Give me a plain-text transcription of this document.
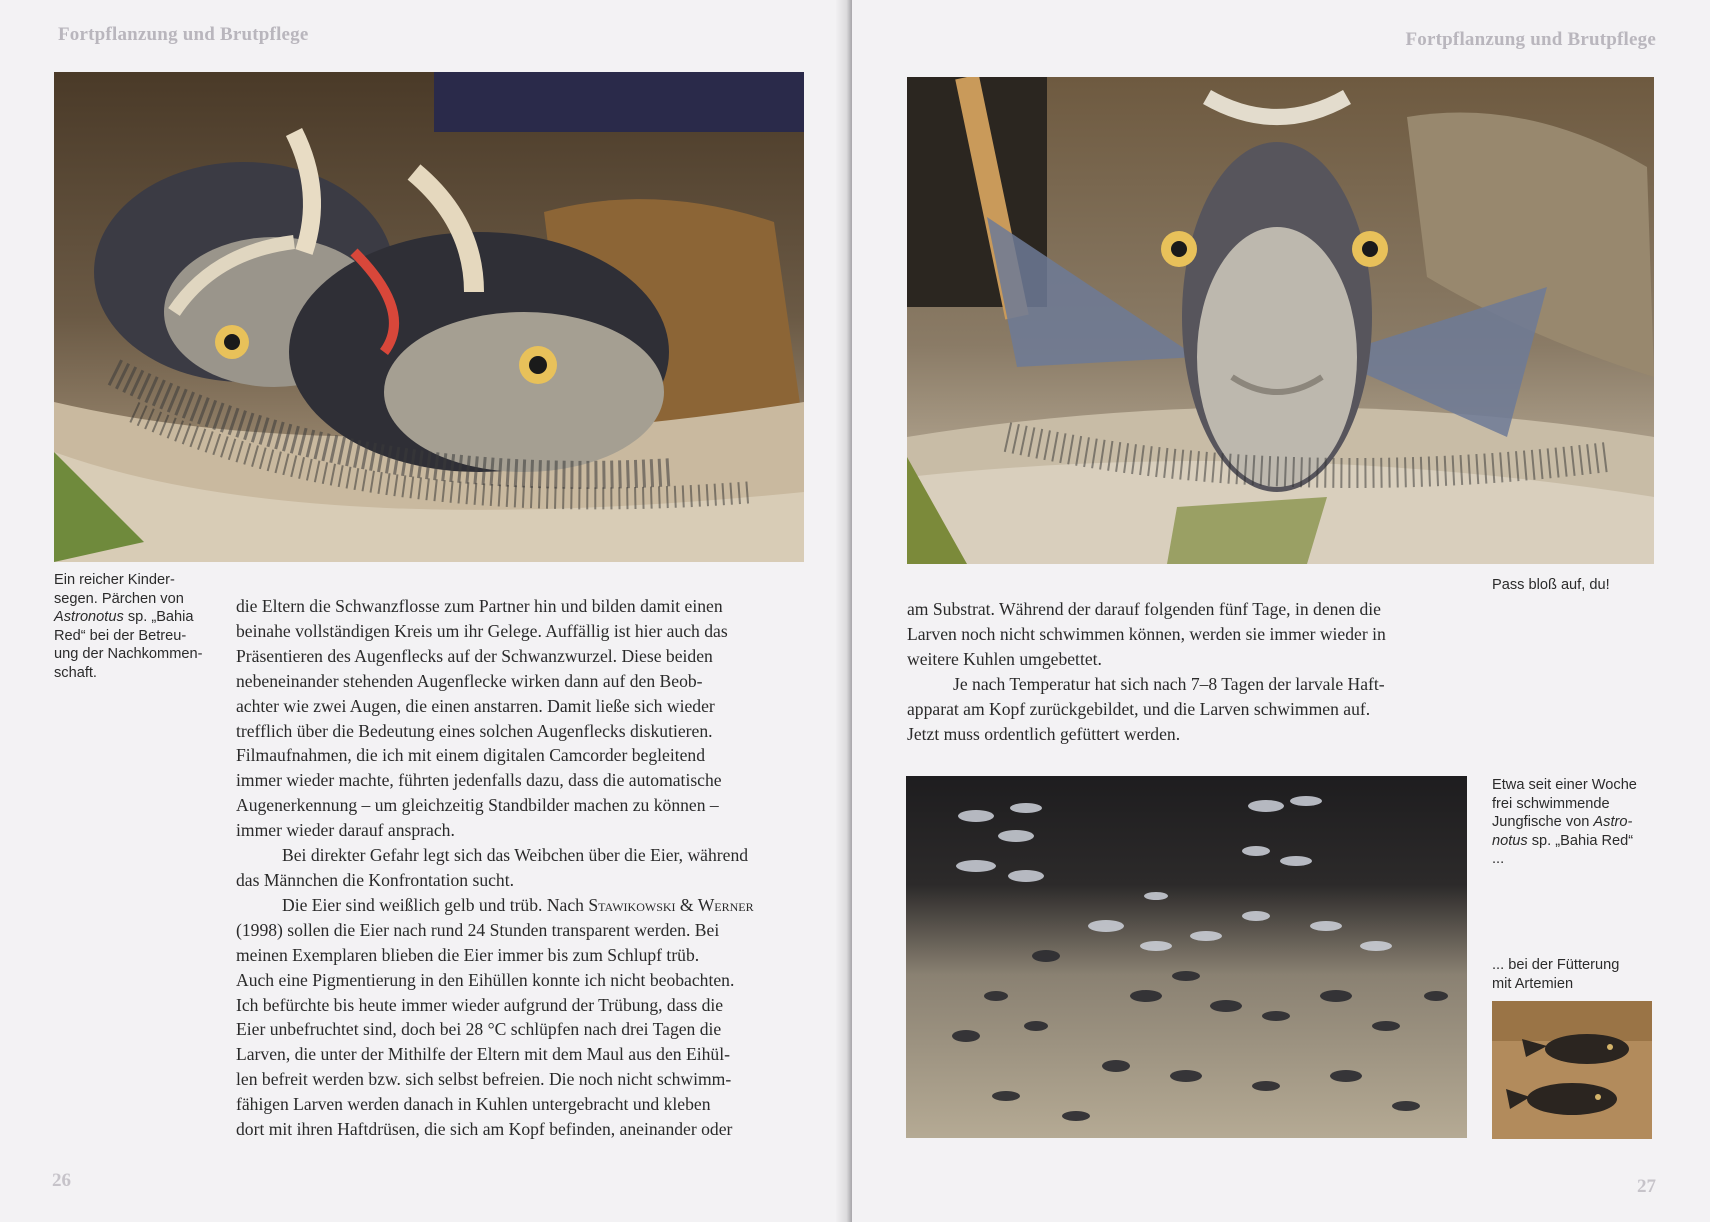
Fortpflanzung und Brutpflege
Ein reicher Kinder-
segen. Pärchen von
Astronotus sp. „Bahia
Red“ bei der Betreu-
ung der Nachkommen-
schaft.
die Eltern die Schwanzflosse zum Partner hin und bilden damit einen
beinahe vollständigen Kreis um ihr Gelege. Auffällig ist hier auch das
Präsentieren des Augenflecks auf der Schwanzwurzel. Diese beiden
nebeneinander stehenden Augenflecke wirken dann auf den Beob-
achter wie zwei Augen, die einen anstarren. Damit ließe sich wieder
trefflich über die Bedeutung eines solchen Augenflecks diskutieren.
Filmaufnahmen, die ich mit einem digitalen Camcorder begleitend
immer wieder machte, führten jedenfalls dazu, dass die automatische
Augenerkennung – um gleichzeitig Standbilder machen zu können –
immer wieder darauf ansprach.
Bei direkter Gefahr legt sich das Weibchen über die Eier, während
das Männchen die Konfrontation sucht.
Die Eier sind weißlich gelb und trüb. Nach Stawikowski & Werner
(1998) sollen die Eier nach rund 24 Stunden transparent werden. Bei
meinen Exemplaren blieben die Eier immer bis zum Schlupf trüb.
Auch eine Pigmentierung in den Eihüllen konnte ich nicht beobachten.
Ich befürchte bis heute immer wieder aufgrund der Trübung, dass die
Eier unbefruchtet sind, doch bei 28 °C schlüpfen nach drei Tagen die
Larven, die unter der Mithilfe der Eltern mit dem Maul aus den Eihül-
len befreit werden bzw. sich selbst befreien. Die noch nicht schwimm-
fähigen Larven werden danach in Kuhlen untergebracht und kleben
dort mit ihren Haftdrüsen, die sich am Kopf befinden, aneinander oder
26
Fortpflanzung und Brutpflege
Pass bloß auf, du!
am Substrat. Während der darauf folgenden fünf Tage, in denen die
Larven noch nicht schwimmen können, werden sie immer wieder in
weitere Kuhlen umgebettet.
Je nach Temperatur hat sich nach 7–8 Tagen der larvale Haft-
apparat am Kopf zurückgebildet, und die Larven schwimmen auf.
Jetzt muss ordentlich gefüttert werden.
Etwa seit einer Woche
frei schwimmende
Jungfische von Astro-
notus sp. „Bahia Red“
...
... bei der Fütterung
mit Artemien
27
